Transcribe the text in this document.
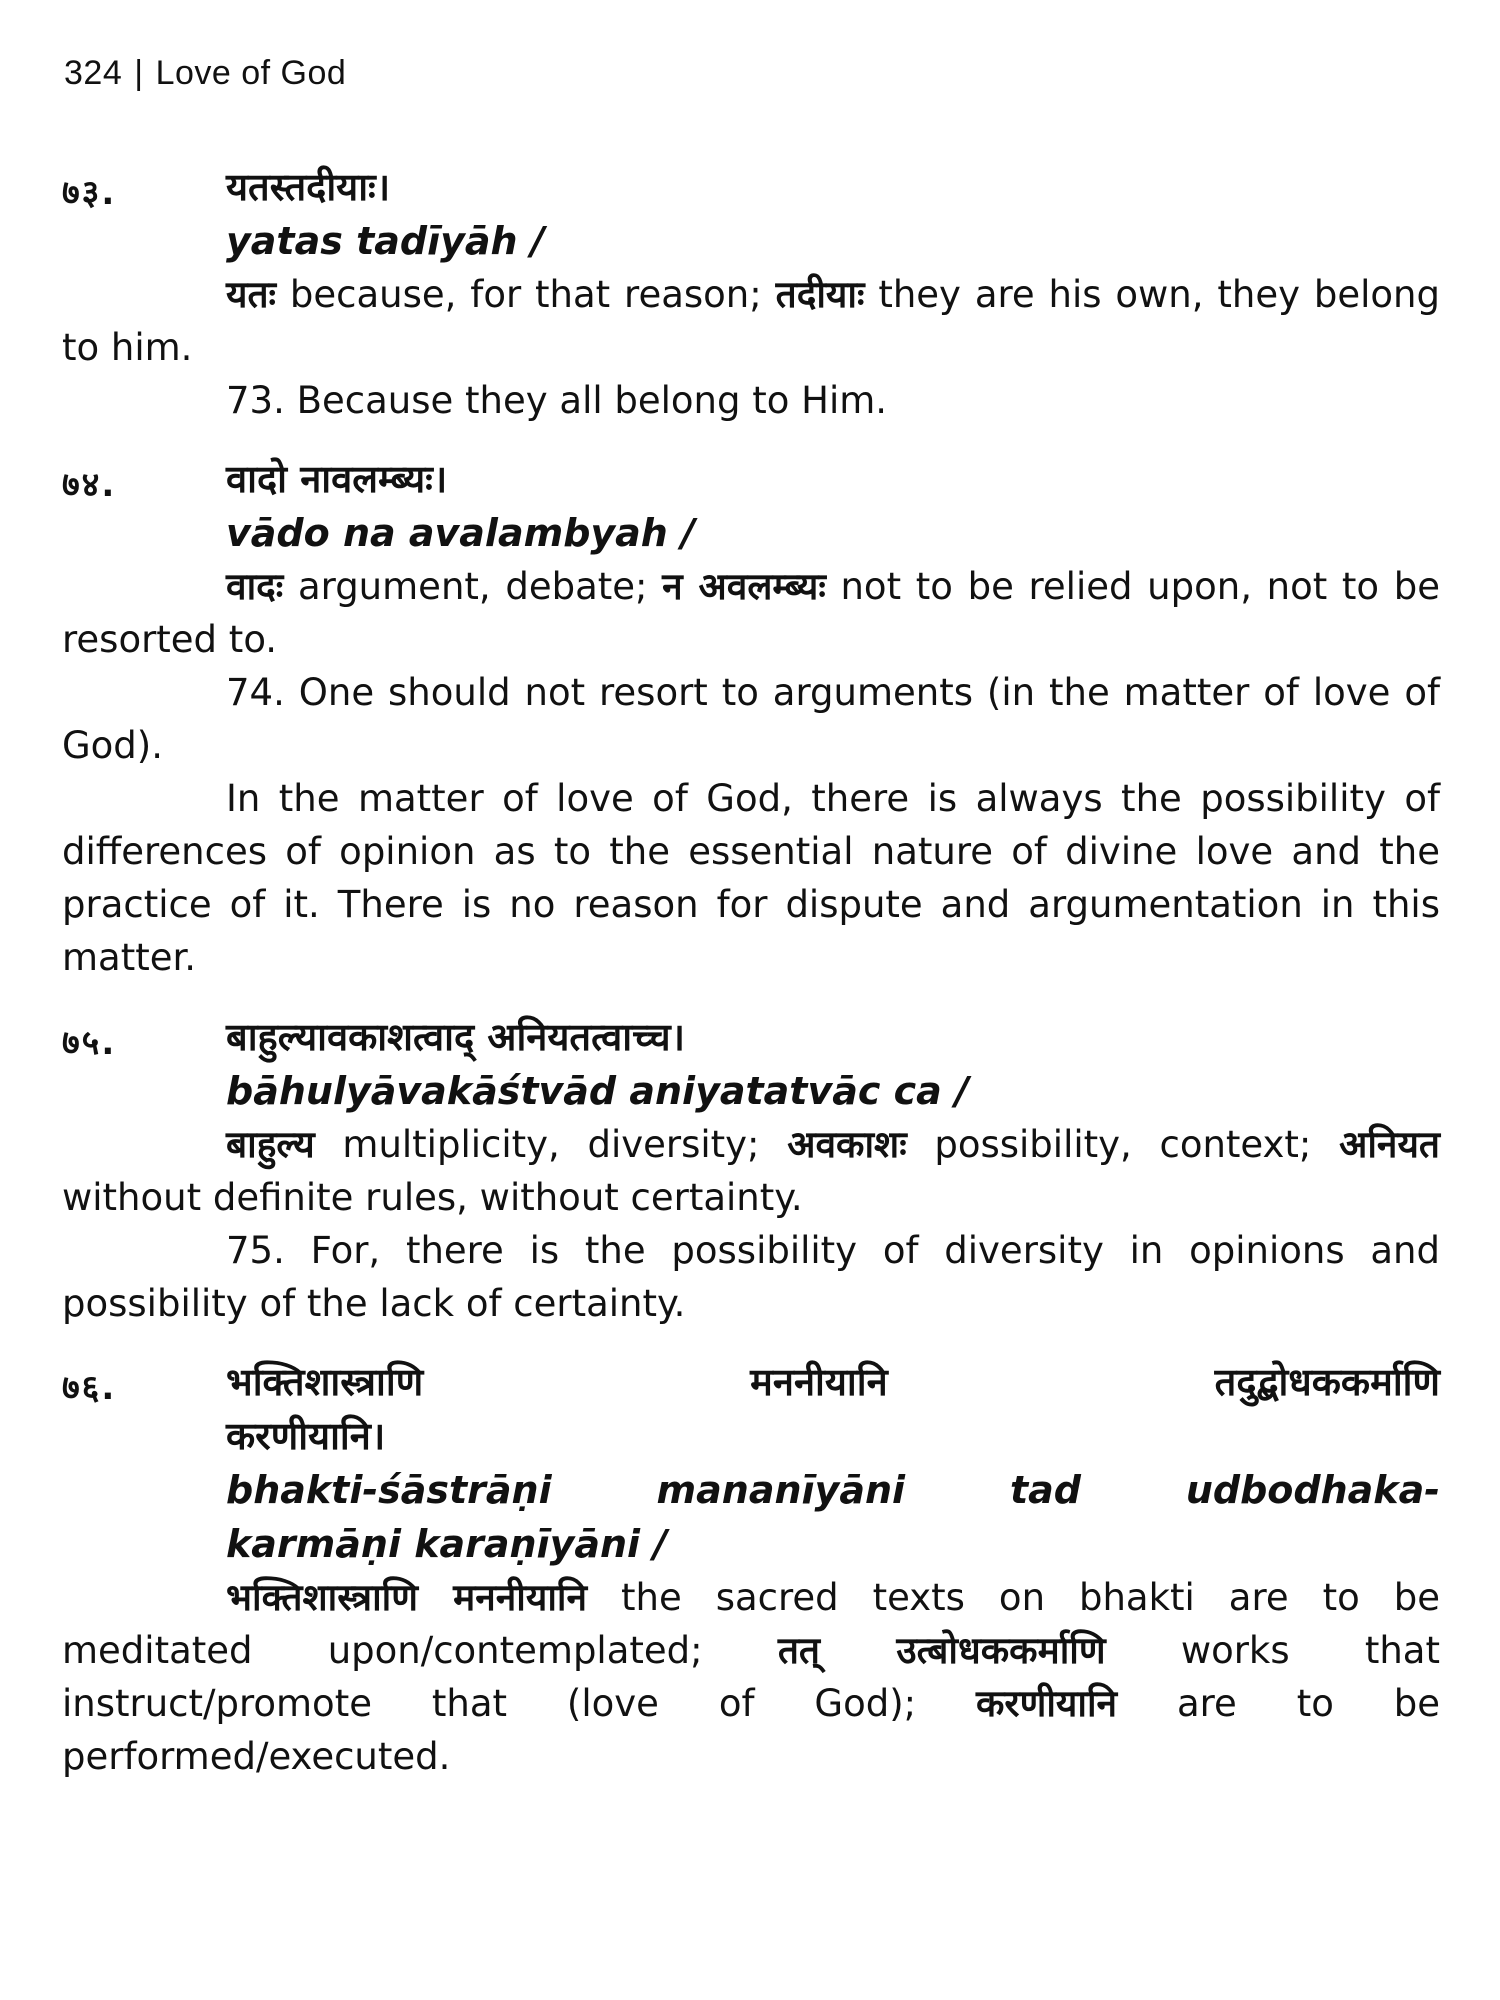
324 | Love of God
७३.	यतस्तदीयाः।
yatas tadīyāh /

यतः because, for that reason; तदीयाः they are his own, they belong to him.

73. Because they all belong to Him.

७४.	वादो नावलम्ब्यः।
vādo na avalambyah /

वादः argument, debate; न अवलम्ब्यः not to be relied upon, not to be resorted to.

74. One should not resort to arguments (in the matter of love of God).

In the matter of love of God, there is always the possibility of differences of opinion as to the essential nature of divine love and the practice of it. There is no reason for dispute and argumentation in this matter.

७५.	बाहुल्यावकाशत्वाद् अनियतत्वाच्च।
bāhulyāvakāśtvād aniyatatvāc ca /

बाहुल्य multiplicity, diversity; अवकाशः possibility, context; अनियत without definite rules, without certainty.

75. For, there is the possibility of diversity in opinions and possibility of the lack of certainty.

७६.	भक्तिशास्त्राणि	मननीयानि	तदुद्बोधककर्माणि
करणीयानि।
bhakti-śāstrāṇi	mananīyāni	tad	udbodhaka-
karmāṇi karaṇīyāni /

भक्तिशास्त्राणि मननीयानि the sacred texts on bhakti are to be meditated upon/contemplated; तत् उत्बोधककर्माणि works that instruct/promote that (love of God); करणीयानि are to be performed/executed.
